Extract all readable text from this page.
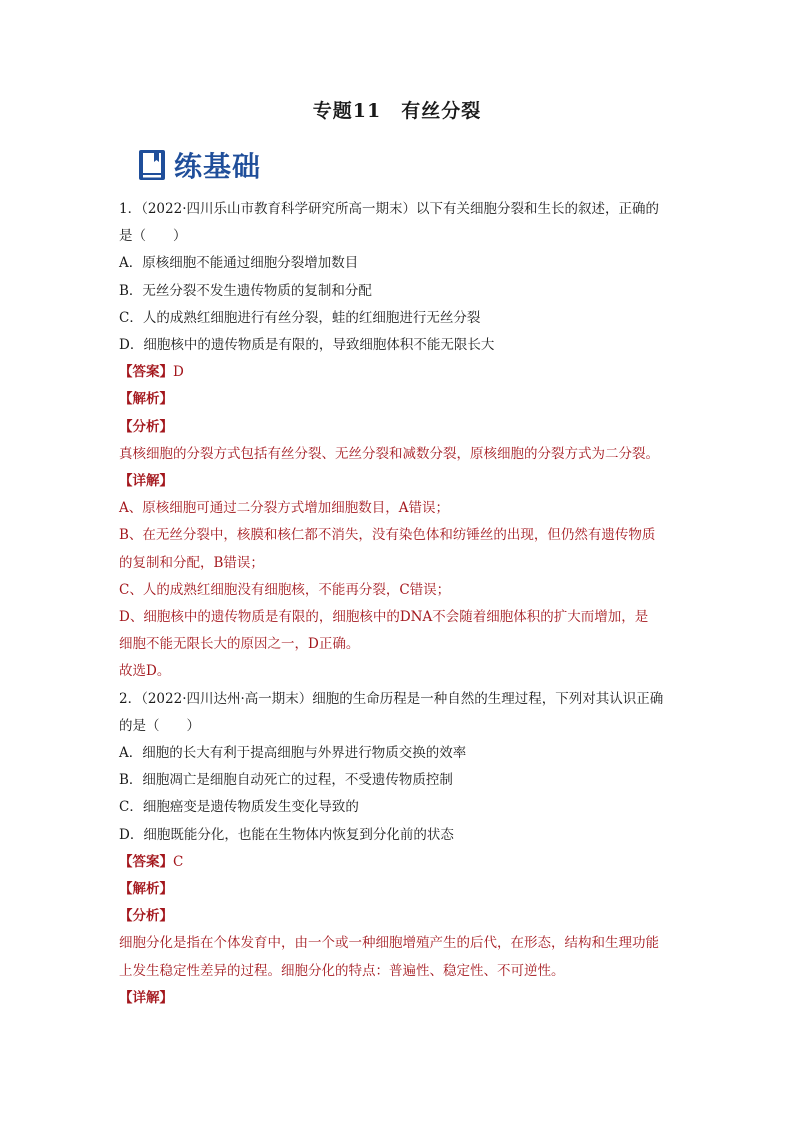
专题11　有丝分裂
练基础
1．（2022·四川乐山市教育科学研究所高一期末）以下有关细胞分裂和生长的叙述，正确的
是（　　）
A．原核细胞不能通过细胞分裂增加数目
B．无丝分裂不发生遗传物质的复制和分配
C．人的成熟红细胞进行有丝分裂，蛙的红细胞进行无丝分裂
D．细胞核中的遗传物质是有限的，导致细胞体积不能无限长大
【答案】D
【解析】
【分析】
真核细胞的分裂方式包括有丝分裂、无丝分裂和减数分裂，原核细胞的分裂方式为二分裂。
【详解】
A、原核细胞可通过二分裂方式增加细胞数目，A错误；
B、在无丝分裂中，核膜和核仁都不消失，没有染色体和纺锤丝的出现，但仍然有遗传物质
的复制和分配，B错误；
C、人的成熟红细胞没有细胞核，不能再分裂，C错误；
D、细胞核中的遗传物质是有限的，细胞核中的DNA不会随着细胞体积的扩大而增加，是
细胞不能无限长大的原因之一，D正确。
故选D。
2．（2022·四川达州·高一期末）细胞的生命历程是一种自然的生理过程，下列对其认识正确
的是（　　）
A．细胞的长大有利于提高细胞与外界进行物质交换的效率
B．细胞凋亡是细胞自动死亡的过程，不受遗传物质控制
C．细胞癌变是遗传物质发生变化导致的
D．细胞既能分化，也能在生物体内恢复到分化前的状态
【答案】C
【解析】
【分析】
细胞分化是指在个体发育中，由一个或一种细胞增殖产生的后代，在形态，结构和生理功能
上发生稳定性差异的过程。细胞分化的特点：普遍性、稳定性、不可逆性。
【详解】
